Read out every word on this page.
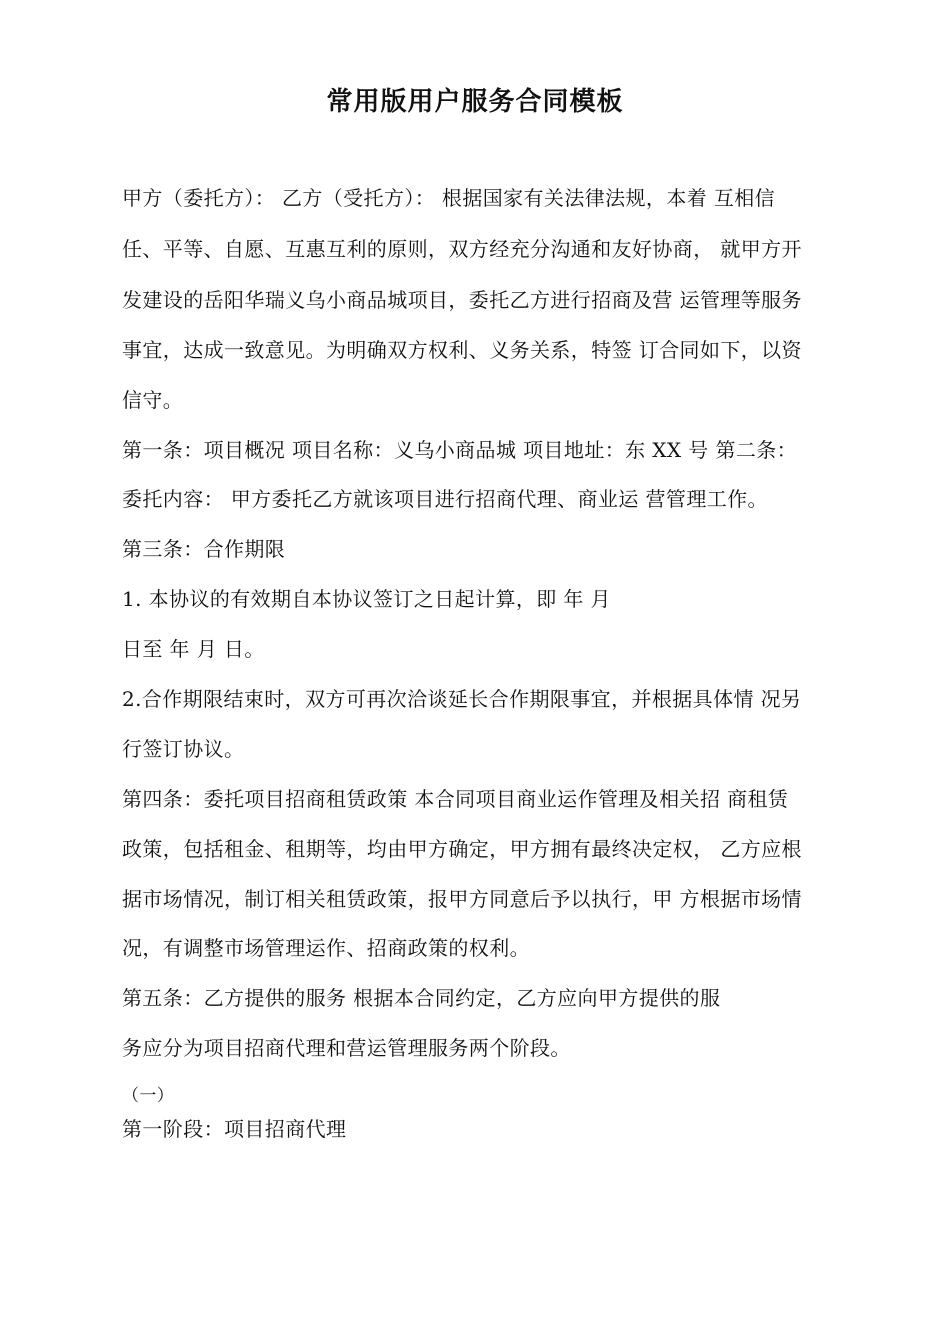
常用版用户服务合同模板
甲方（委托方）： 乙方（受托方）： 根据国家有关法律法规，本着 互相信
任、平等、自愿、互惠互利的原则，双方经充分沟通和友好协商， 就甲方开
发建设的岳阳华瑞义乌小商品城项目，委托乙方进行招商及营 运管理等服务
事宜，达成一致意见。为明确双方权利、义务关系，特签 订合同如下，以资
信守。
第一条：项目概况 项目名称：义乌小商品城 项目地址：东 XX 号 第二条：
委托内容： 甲方委托乙方就该项目进行招商代理、商业运 营管理工作。
第三条：合作期限
1. 本协议的有效期自本协议签订之日起计算，即 年 月
日至 年 月 日。
2.合作期限结束时，双方可再次洽谈延长合作期限事宜，并根据具体情 况另
行签订协议。
第四条：委托项目招商租赁政策 本合同项目商业运作管理及相关招 商租赁
政策，包括租金、租期等，均由甲方确定，甲方拥有最终决定权， 乙方应根
据市场情况，制订相关租赁政策，报甲方同意后予以执行，甲 方根据市场情
况，有调整市场管理运作、招商政策的权利。
第五条：乙方提供的服务 根据本合同约定，乙方应向甲方提供的服
务应分为项目招商代理和营运管理服务两个阶段。
（一）
第一阶段：项目招商代理
